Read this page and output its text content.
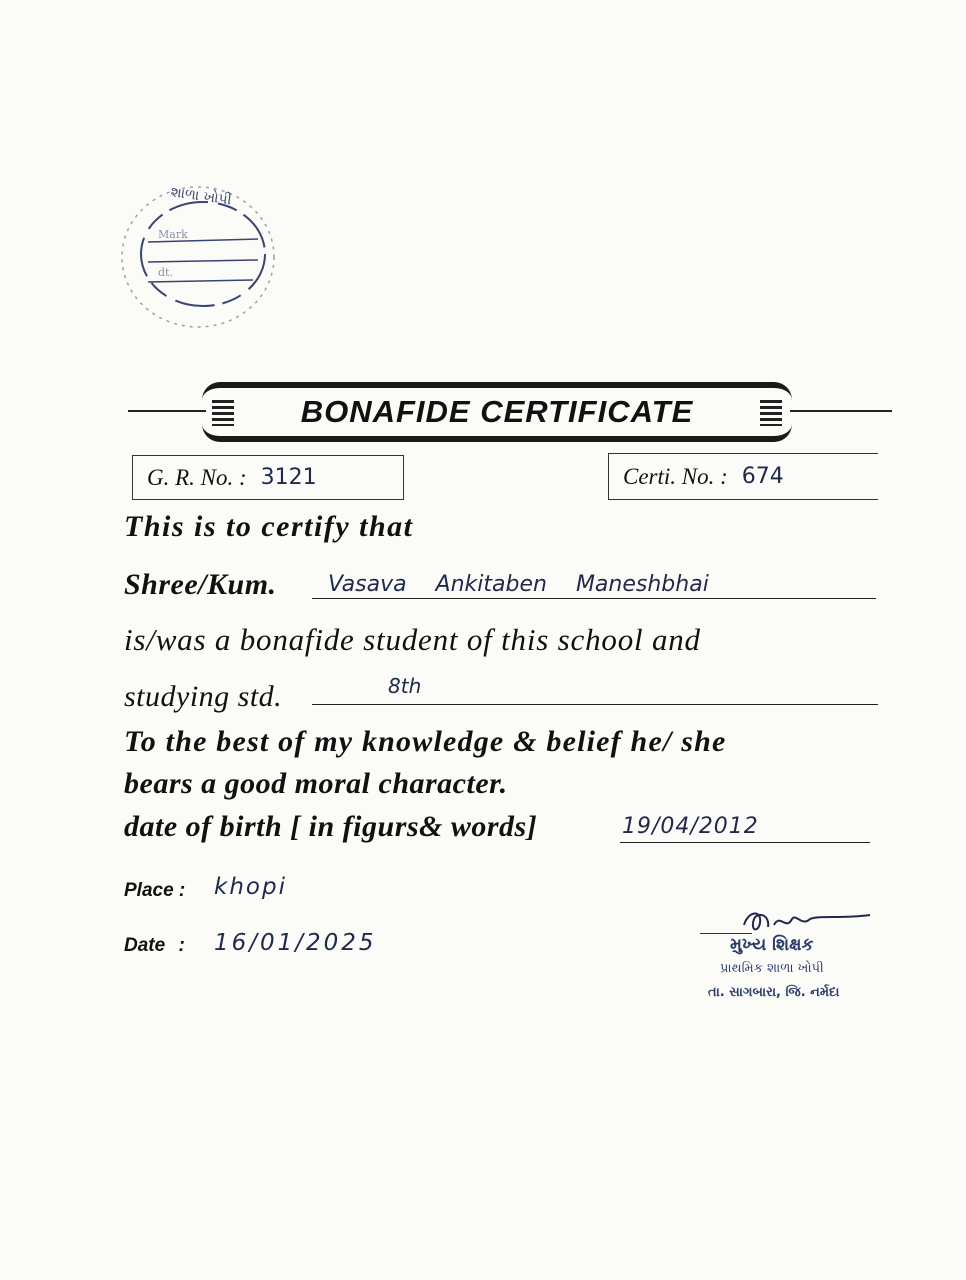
શાળા ખોપી
Mark
dt.
BONAFIDE CERTIFICATE
G. R. No. : 3121	Certi. No. : 674
This is to certify that
Shree/Kum. Vasava Ankitaben Maneshbhai
is/was a bonafide student of this school and
studying std.	8th
To the best of my knowledge & belief he/ she
bears a good moral character.
date of birth [ in figurs& words]	19/04/2012
Place : khopi
Date : 16/01/2025	મુખ્ય શિક્ષક
પ્રાથમિક શાળા ખોપી
તા. સાગબારા, જિ. નર્મદા
